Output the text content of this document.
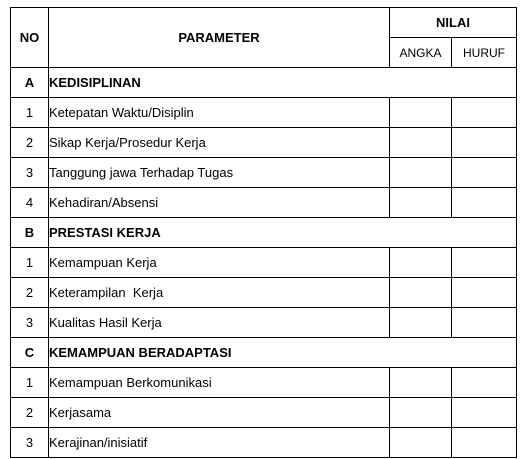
NO	PARAMETER	NILAI	
		ANGKA	HURUF
A	KEDISIPLINAN		
1	Ketepatan Waktu/Disiplin		
2	Sikap Kerja/Prosedur Kerja		
3	Tanggung jawa Terhadap Tugas		
4	Kehadiran/Absensi		
B	PRESTASI KERJA		
1	Kemampuan Kerja		
2	Keterampilan  Kerja		
3	Kualitas Hasil Kerja		
C	KEMAMPUAN BERADAPTASI		
1	Kemampuan Berkomunikasi		
2	Kerjasama		
3	Kerajinan/inisiatif		
